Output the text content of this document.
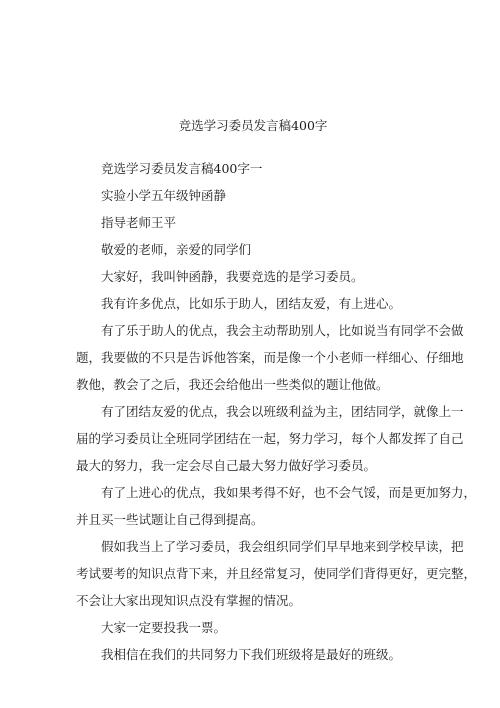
竞选学习委员发言稿400字

竞选学习委员发言稿400字一

实验小学五年级钟函静

指导老师王平

敬爱的老师，亲爱的同学们

大家好，我叫钟函静，我要竞选的是学习委员。

我有许多优点，比如乐于助人，团结友爱，有上进心。

有了乐于助人的优点，我会主动帮助别人，比如说当有同学不会做
题，我要做的不只是告诉他答案，而是像一个小老师一样细心、仔细地
教他，教会了之后，我还会给他出一些类似的题让他做。
有了团结友爱的优点，我会以班级利益为主，团结同学，就像上一
届的学习委员让全班同学团结在一起，努力学习，每个人都发挥了自己
最大的努力，我一定会尽自己最大努力做好学习委员。
有了上进心的优点，我如果考得不好，也不会气馁，而是更加努力，
并且买一些试题让自己得到提高。
假如我当上了学习委员，我会组织同学们早早地来到学校早读，把
考试要考的知识点背下来，并且经常复习，使同学们背得更好，更完整，
不会让大家出现知识点没有掌握的情况。

大家一定要投我一票。

我相信在我们的共同努力下我们班级将是最好的班级。
